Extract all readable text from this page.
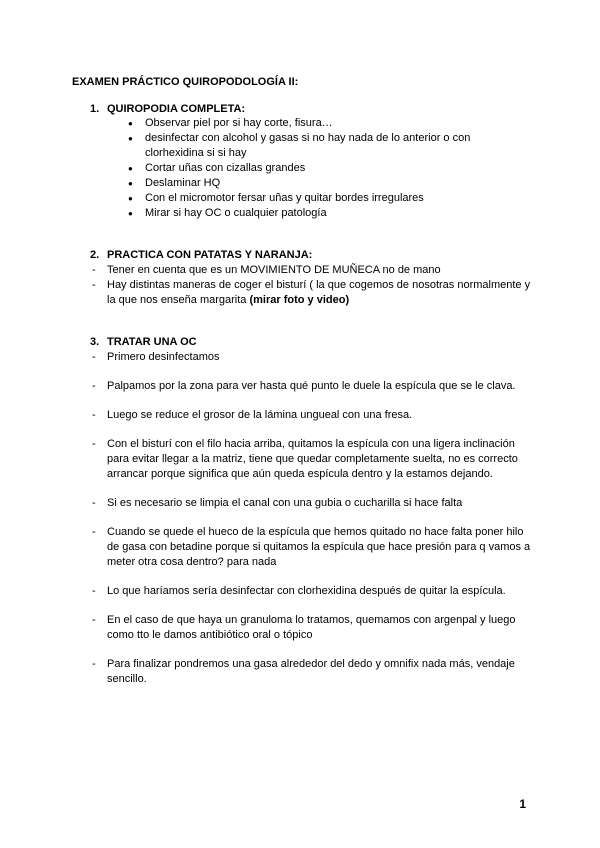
EXAMEN PRÁCTICO QUIROPODOLOGÍA II:
1. QUIROPODIA COMPLETA:
● Observar piel por si hay corte, fisura…
● desinfectar con alcohol y gasas si no hay nada de lo anterior o con clorhexidina si si hay
● Cortar uñas con cizallas grandes
● Deslaminar HQ
● Con el micromotor fersar uñas y quitar bordes irregulares
● Mirar si hay OC o cualquier patología
2. PRACTICA CON PATATAS Y NARANJA:
- Tener en cuenta que es un MOVIMIENTO DE MUÑECA no de mano
- Hay distintas maneras de coger el bisturí ( la que cogemos de nosotras normalmente y la que nos enseña margarita (mirar foto y video)
3. TRATAR UNA OC
- Primero desinfectamos
- Palpamos por la zona para ver hasta qué punto le duele la espícula que se le clava.
- Luego se reduce el grosor de la lámina ungueal con una fresa.
- Con el bisturí con el filo hacia arriba, quitamos la espícula con una ligera inclinación para evitar llegar a la matriz, tiene que quedar completamente suelta, no es correcto arrancar porque significa que aún queda espícula dentro y la estamos dejando.
- Si es necesario se limpia el canal con una gubia o cucharilla si hace falta
- Cuando se quede el hueco de la espícula que hemos quitado no hace falta poner hilo de gasa con betadine porque si quitamos la espícula que hace presión para q vamos a meter otra cosa dentro? para nada
- Lo que haríamos sería desinfectar con clorhexidina después de quitar la espícula.
- En el caso de que haya un granuloma lo tratamos, quemamos con argenpal y luego como tto le damos antibiótico oral o tópico
- Para finalizar pondremos una gasa alrededor del dedo y omnifix nada más, vendaje sencillo.
1
